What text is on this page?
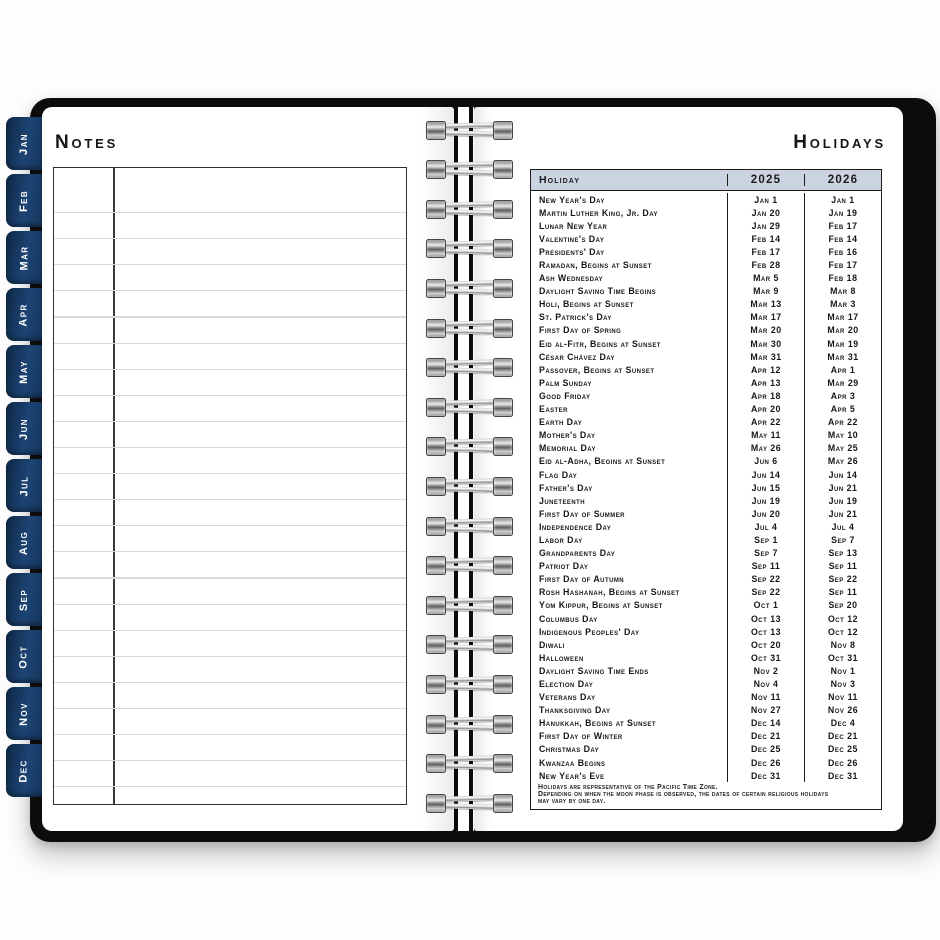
Jan
Feb
Mar
Apr
May
Jun
Jul
Aug
Sep
Oct
Nov
Dec
Notes	Holidays
Holiday	2025	2026
New Year's Day	Jan 1	Jan 1
Martin Luther King, Jr. Day	Jan 20	Jan 19
Lunar New Year	Jan 29	Feb 17
Valentine's Day	Feb 14	Feb 14
Presidents' Day	Feb 17	Feb 16
Ramadan, Begins at Sunset	Feb 28	Feb 17
Ash Wednesday	Mar 5	Feb 18
Daylight Saving Time Begins	Mar 9	Mar 8
Holi, Begins at Sunset	Mar 13	Mar 3
St. Patrick's Day	Mar 17	Mar 17
First Day of Spring	Mar 20	Mar 20
Eid al-Fitr, Begins at Sunset	Mar 30	Mar 19
César Chávez Day	Mar 31	Mar 31
Passover, Begins at Sunset	Apr 12	Apr 1
Palm Sunday	Apr 13	Mar 29
Good Friday	Apr 18	Apr 3
Easter	Apr 20	Apr 5
Earth Day	Apr 22	Apr 22
Mother's Day	May 11	May 10
Memorial Day	May 26	May 25
Eid al-Adha, Begins at Sunset	Jun 6	May 26
Flag Day	Jun 14	Jun 14
Father's Day	Jun 15	Jun 21
Juneteenth	Jun 19	Jun 19
First Day of Summer	Jun 20	Jun 21
Independence Day	Jul 4	Jul 4
Labor Day	Sep 1	Sep 7
Grandparents Day	Sep 7	Sep 13
Patriot Day	Sep 11	Sep 11
First Day of Autumn	Sep 22	Sep 22
Rosh Hashanah, Begins at Sunset	Sep 22	Sep 11
Yom Kippur, Begins at Sunset	Oct 1	Sep 20
Columbus Day	Oct 13	Oct 12
Indigenous Peoples' Day	Oct 13	Oct 12
Diwali	Oct 20	Nov 8
Halloween	Oct 31	Oct 31
Daylight Saving Time Ends	Nov 2	Nov 1
Election Day	Nov 4	Nov 3
Veterans Day	Nov 11	Nov 11
Thanksgiving Day	Nov 27	Nov 26
Hanukkah, Begins at Sunset	Dec 14	Dec 4
First Day of Winter	Dec 21	Dec 21
Christmas Day	Dec 25	Dec 25
Kwanzaa Begins	Dec 26	Dec 26
New Year's Eve	Dec 31	Dec 31
Holidays are representative of the Pacific Time Zone.
Depending on when the moon phase is observed, the dates of certain religious holidays
may vary by one day.
